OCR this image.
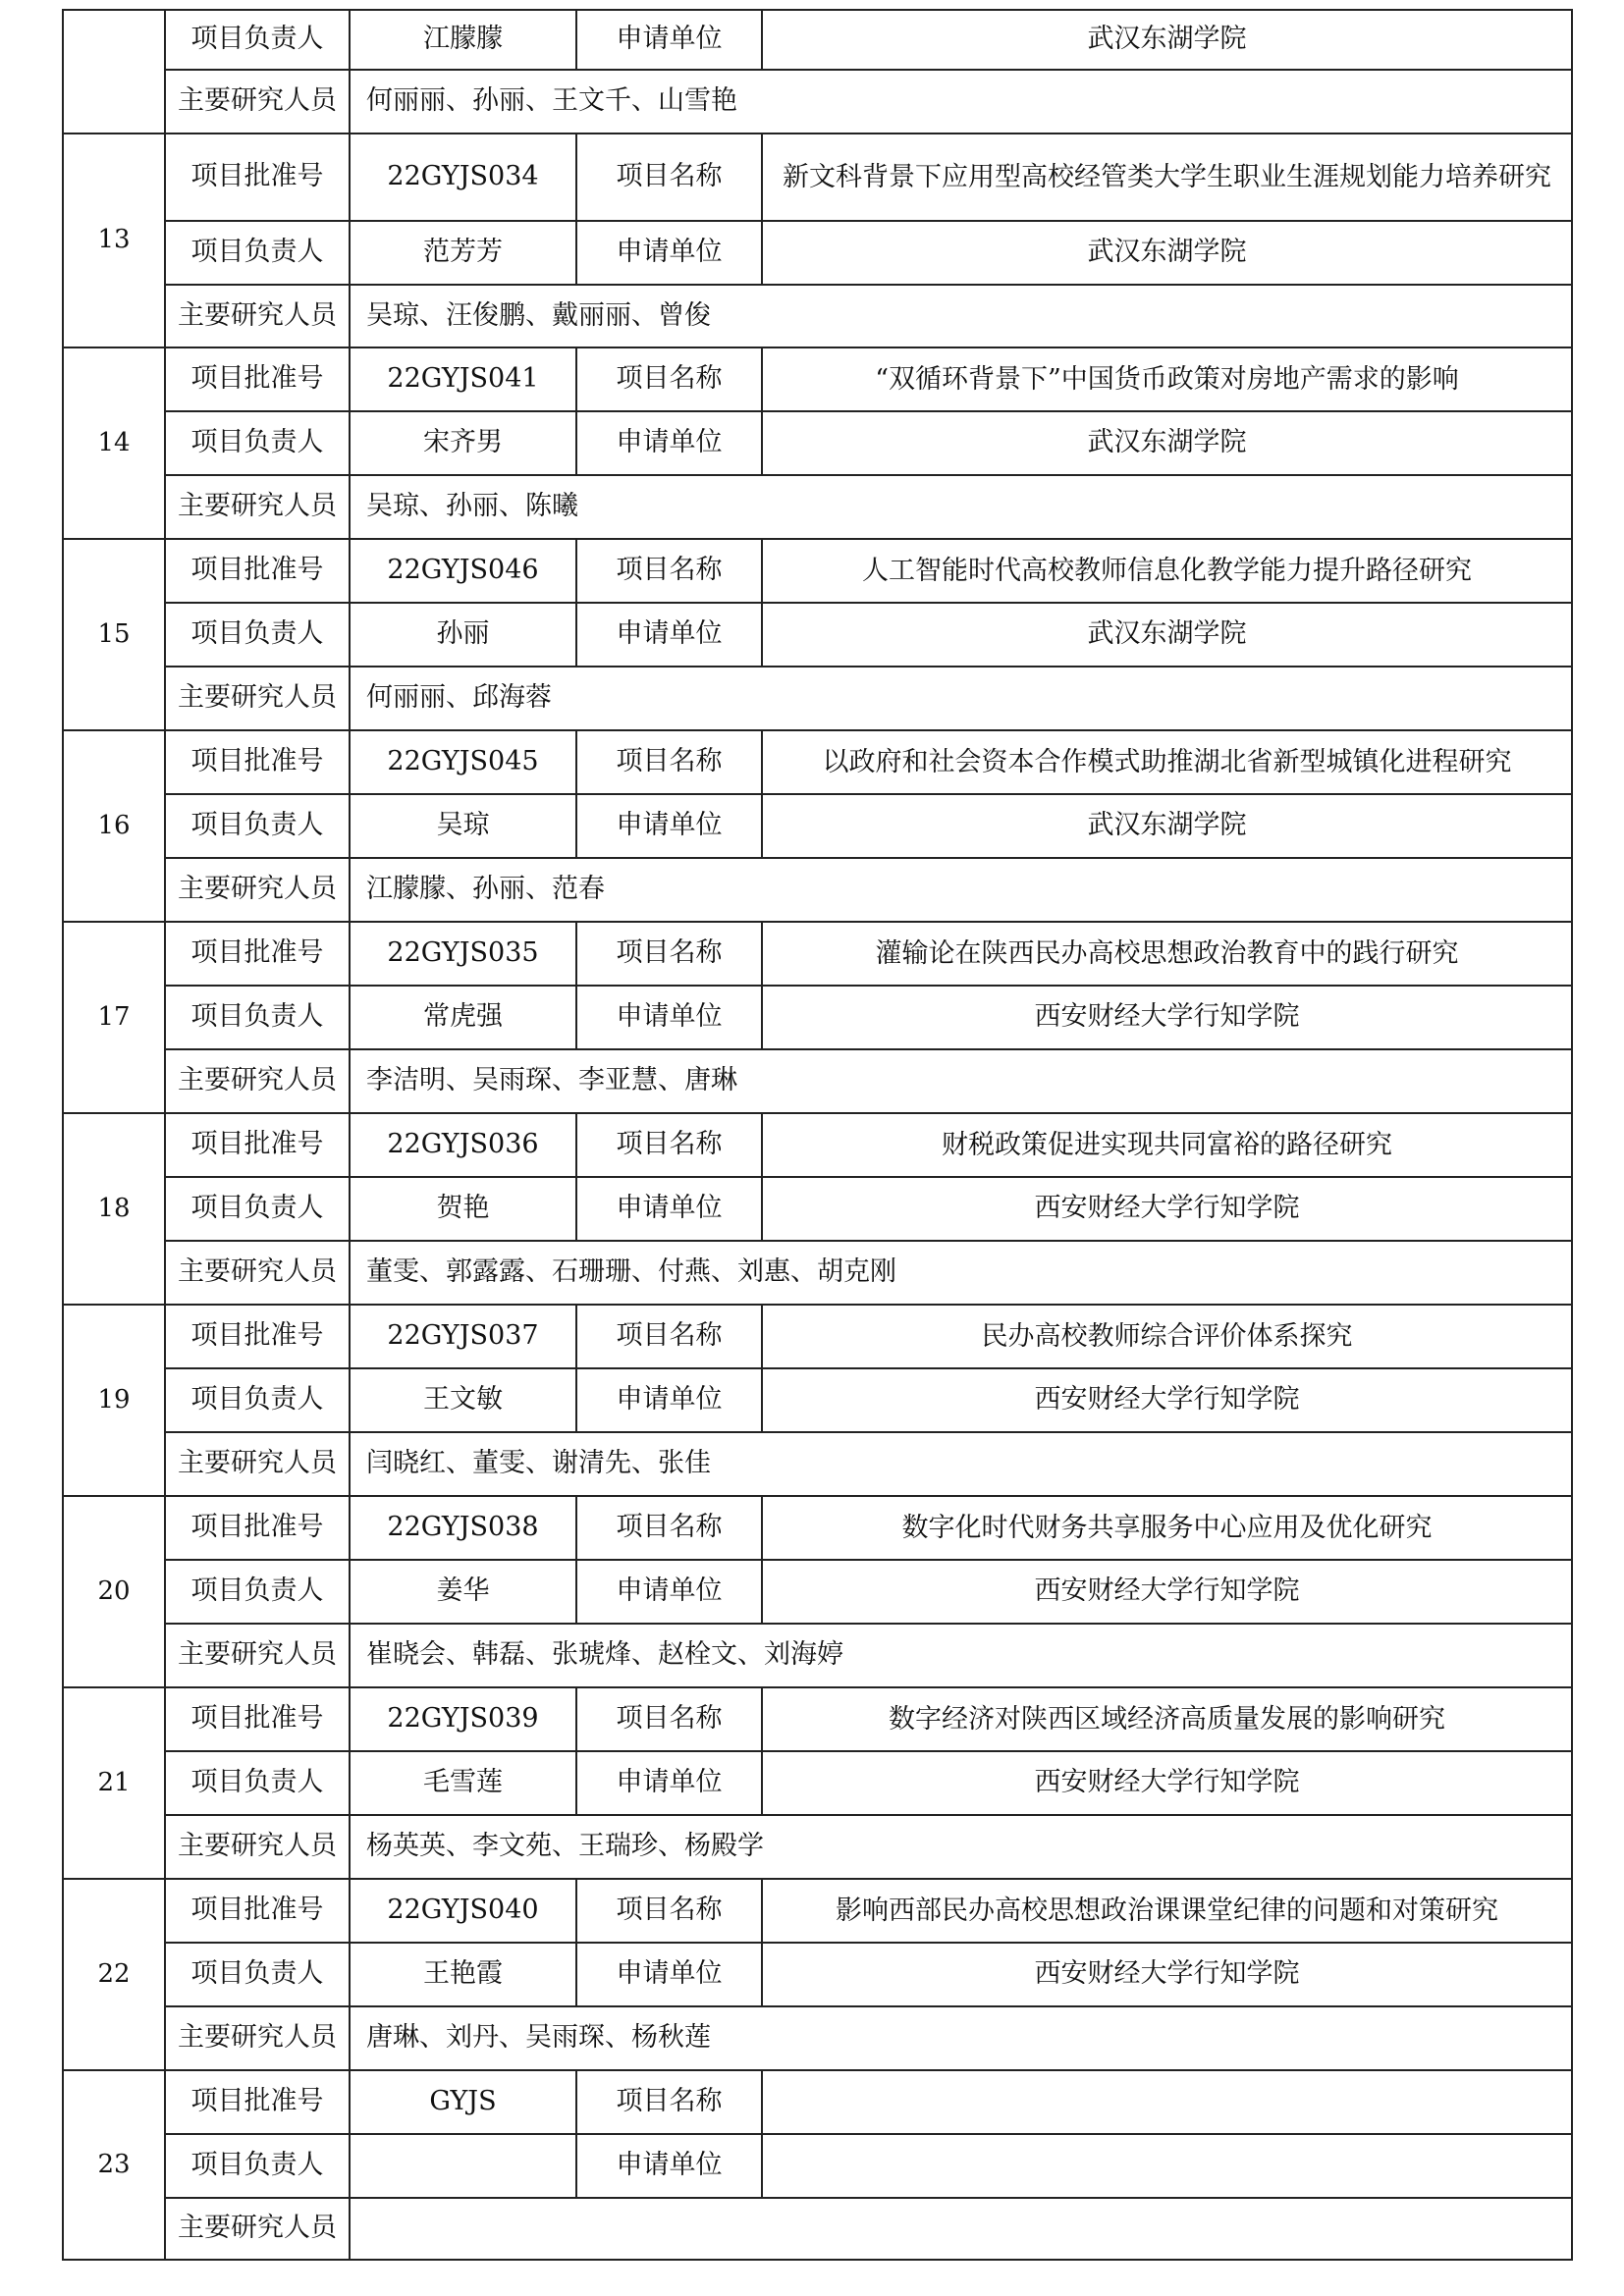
	项目负责人	江朦朦	申请单位	武汉东湖学院
	主要研究人员	何丽丽、孙丽、王文千、山雪艳		
13	项目批准号	22GYJS034	项目名称	新文科背景下应用型高校经管类大学生职业生涯规划能力培养研究
	项目负责人	范芳芳	申请单位	武汉东湖学院
	主要研究人员	吴琼、汪俊鹏、戴丽丽、曾俊		
14	项目批准号	22GYJS041	项目名称	“双循环背景下”中国货币政策对房地产需求的影响
	项目负责人	宋齐男	申请单位	武汉东湖学院
	主要研究人员	吴琼、孙丽、陈曦		
15	项目批准号	22GYJS046	项目名称	人工智能时代高校教师信息化教学能力提升路径研究
	项目负责人	孙丽	申请单位	武汉东湖学院
	主要研究人员	何丽丽、邱海蓉		
16	项目批准号	22GYJS045	项目名称	以政府和社会资本合作模式助推湖北省新型城镇化进程研究
	项目负责人	吴琼	申请单位	武汉东湖学院
	主要研究人员	江朦朦、孙丽、范春		
17	项目批准号	22GYJS035	项目名称	灌输论在陕西民办高校思想政治教育中的践行研究
	项目负责人	常虎强	申请单位	西安财经大学行知学院
	主要研究人员	李洁明、吴雨琛、李亚慧、唐琳		
18	项目批准号	22GYJS036	项目名称	财税政策促进实现共同富裕的路径研究
	项目负责人	贺艳	申请单位	西安财经大学行知学院
	主要研究人员	董雯、郭露露、石珊珊、付燕、刘惠、胡克刚		
19	项目批准号	22GYJS037	项目名称	民办高校教师综合评价体系探究
	项目负责人	王文敏	申请单位	西安财经大学行知学院
	主要研究人员	闫晓红、董雯、谢清先、张佳		
20	项目批准号	22GYJS038	项目名称	数字化时代财务共享服务中心应用及优化研究
	项目负责人	姜华	申请单位	西安财经大学行知学院
	主要研究人员	崔晓会、韩磊、张琥烽、赵栓文、刘海婷		
21	项目批准号	22GYJS039	项目名称	数字经济对陕西区域经济高质量发展的影响研究
	项目负责人	毛雪莲	申请单位	西安财经大学行知学院
	主要研究人员	杨英英、李文苑、王瑞珍、杨殿学		
22	项目批准号	22GYJS040	项目名称	影响西部民办高校思想政治课课堂纪律的问题和对策研究
	项目负责人	王艳霞	申请单位	西安财经大学行知学院
	主要研究人员	唐琳、刘丹、吴雨琛、杨秋莲		
23	项目批准号	GYJS	项目名称	
	项目负责人		申请单位	
	主要研究人员			
